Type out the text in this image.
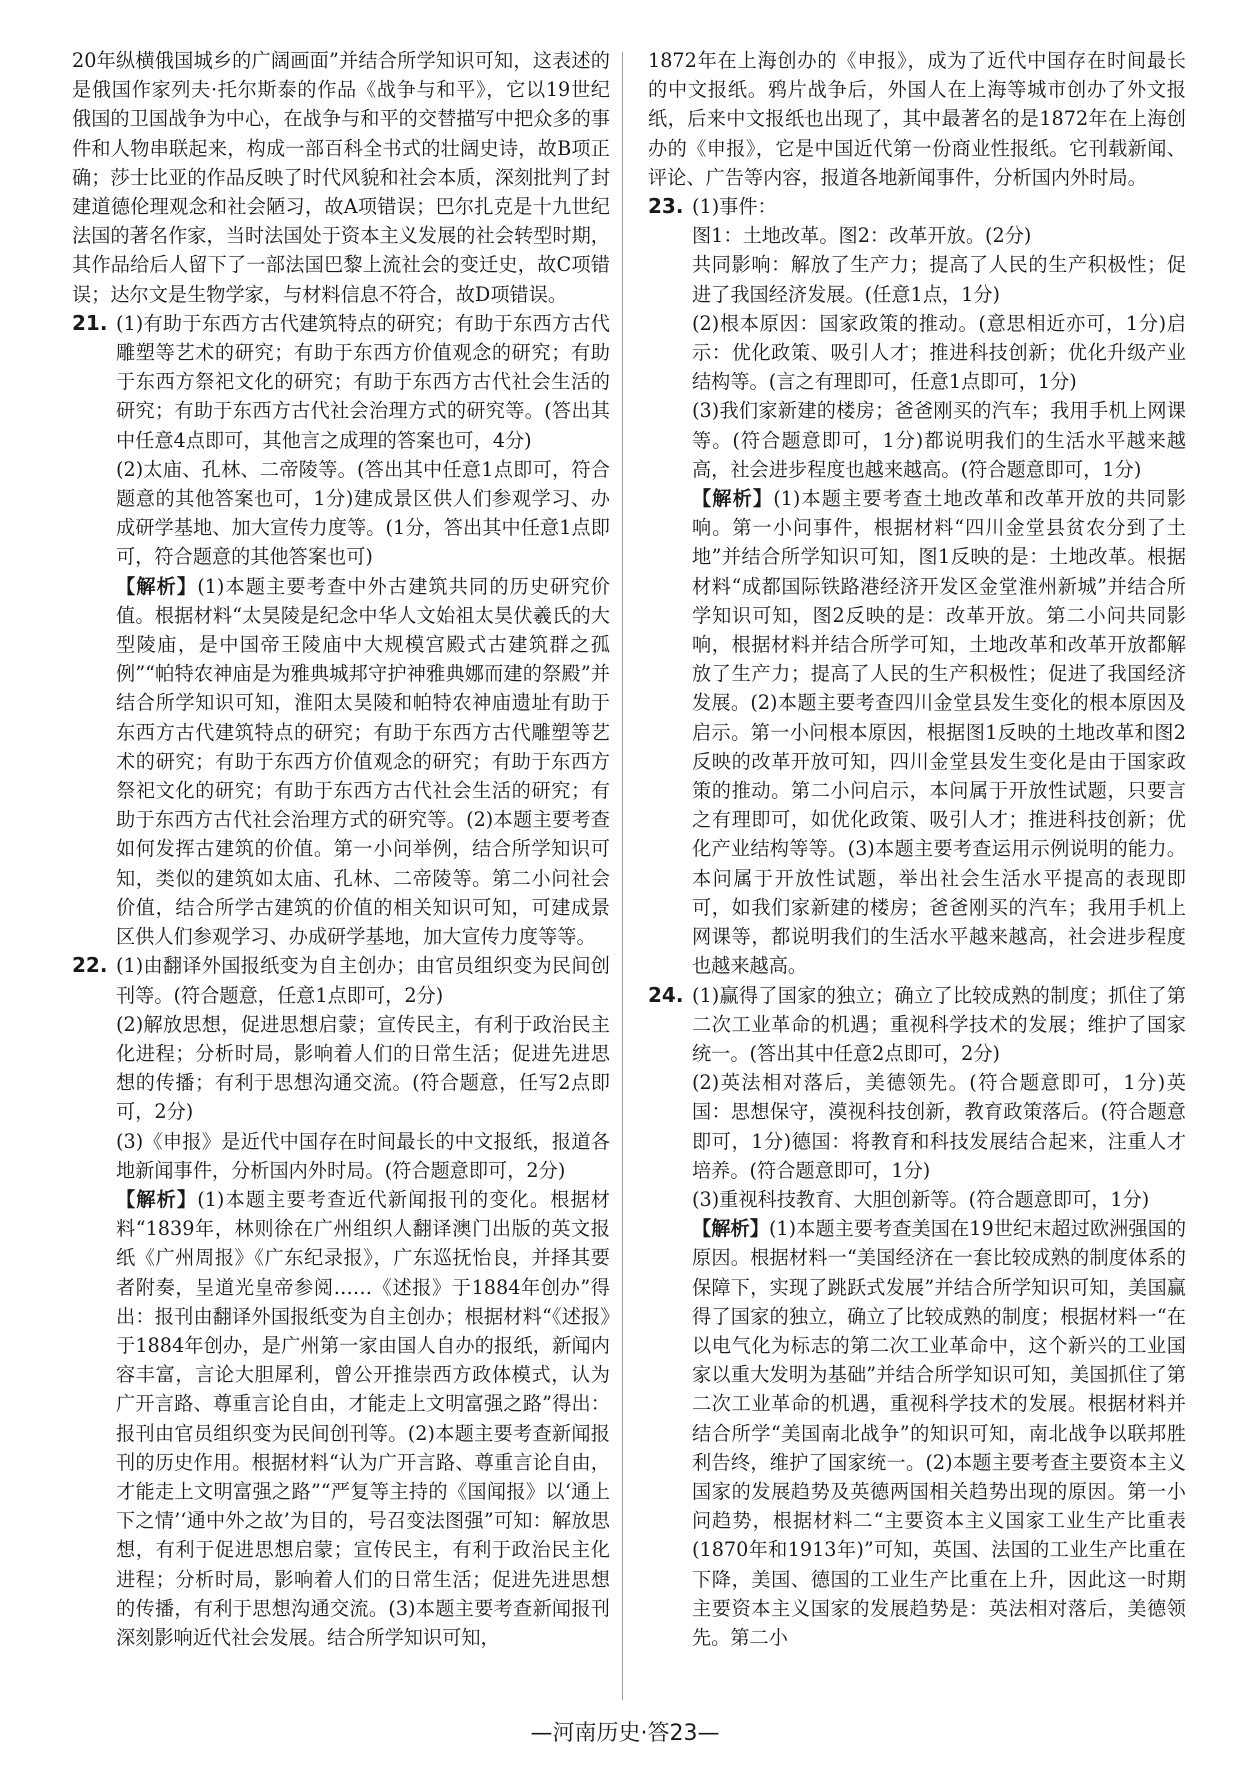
20年纵横俄国城乡的广阔画面”并结合所学知识可知，这表述的是俄国作家列夫·托尔斯泰的作品《战争与和平》，它以19世纪俄国的卫国战争为中心，在战争与和平的交替描写中把众多的事件和人物串联起来，构成一部百科全书式的壮阔史诗，故B项正确；莎士比亚的作品反映了时代风貌和社会本质，深刻批判了封建道德伦理观念和社会陋习，故A项错误；巴尔扎克是十九世纪法国的著名作家，当时法国处于资本主义发展的社会转型时期，其作品给后人留下了一部法国巴黎上流社会的变迁史，故C项错误；达尔文是生物学家，与材料信息不符合，故D项错误。

21. (1)有助于东西方古代建筑特点的研究；有助于东西方古代雕塑等艺术的研究；有助于东西方价值观念的研究；有助于东西方祭祀文化的研究；有助于东西方古代社会生活的研究；有助于东西方古代社会治理方式的研究等。(答出其中任意4点即可，其他言之成理的答案也可，4分)

(2)太庙、孔林、二帝陵等。(答出其中任意1点即可，符合题意的其他答案也可，1分)建成景区供人们参观学习、办成研学基地、加大宣传力度等。(1分，答出其中任意1点即可，符合题意的其他答案也可)

【解析】(1)本题主要考查中外古建筑共同的历史研究价值。根据材料“太昊陵是纪念中华人文始祖太昊伏羲氏的大型陵庙，是中国帝王陵庙中大规模宫殿式古建筑群之孤例”“帕特农神庙是为雅典城邦守护神雅典娜而建的祭殿”并结合所学知识可知，淮阳太昊陵和帕特农神庙遗址有助于东西方古代建筑特点的研究；有助于东西方古代雕塑等艺术的研究；有助于东西方价值观念的研究；有助于东西方祭祀文化的研究；有助于东西方古代社会生活的研究；有助于东西方古代社会治理方式的研究等。(2)本题主要考查如何发挥古建筑的价值。第一小问举例，结合所学知识可知，类似的建筑如太庙、孔林、二帝陵等。第二小问社会价值，结合所学古建筑的价值的相关知识可知，可建成景区供人们参观学习、办成研学基地，加大宣传力度等等。

22. (1)由翻译外国报纸变为自主创办；由官员组织变为民间创刊等。(符合题意，任意1点即可，2分)

(2)解放思想，促进思想启蒙；宣传民主，有利于政治民主化进程；分析时局，影响着人们的日常生活；促进先进思想的传播；有利于思想沟通交流。(符合题意，任写2点即可，2分)

(3)《申报》是近代中国存在时间最长的中文报纸，报道各地新闻事件，分析国内外时局。(符合题意即可，2分)

【解析】(1)本题主要考查近代新闻报刊的变化。根据材料“1839年，林则徐在广州组织人翻译澳门出版的英文报纸《广州周报》《广东纪录报》，广东巡抚怡良，并择其要者附奏，呈道光皇帝参阅……《述报》于1884年创办”得出：报刊由翻译外国报纸变为自主创办；根据材料“《述报》于1884年创办，是广州第一家由国人自办的报纸，新闻内容丰富，言论大胆犀利，曾公开推崇西方政体模式，认为广开言路、尊重言论自由，才能走上文明富强之路”得出：报刊由官员组织变为民间创刊等。(2)本题主要考查新闻报刊的历史作用。根据材料“认为广开言路、尊重言论自由，才能走上文明富强之路”“严复等主持的《国闻报》以‘通上下之情’‘通中外之故’为目的，号召变法图强”可知：解放思想，有利于促进思想启蒙；宣传民主，有利于政治民主化进程；分析时局，影响着人们的日常生活；促进先进思想的传播，有利于思想沟通交流。(3)本题主要考查新闻报刊深刻影响近代社会发展。结合所学知识可知，

1872年在上海创办的《申报》，成为了近代中国存在时间最长的中文报纸。鸦片战争后，外国人在上海等城市创办了外文报纸，后来中文报纸也出现了，其中最著名的是1872年在上海创办的《申报》，它是中国近代第一份商业性报纸。它刊载新闻、评论、广告等内容，报道各地新闻事件，分析国内外时局。

23. (1)事件：

图1：土地改革。图2：改革开放。(2分)

共同影响：解放了生产力；提高了人民的生产积极性；促进了我国经济发展。(任意1点，1分)

(2)根本原因：国家政策的推动。(意思相近亦可，1分)启示：优化政策、吸引人才；推进科技创新；优化升级产业结构等。(言之有理即可，任意1点即可，1分)

(3)我们家新建的楼房；爸爸刚买的汽车；我用手机上网课等。(符合题意即可，1分)都说明我们的生活水平越来越高，社会进步程度也越来越高。(符合题意即可，1分)

【解析】(1)本题主要考查土地改革和改革开放的共同影响。第一小问事件，根据材料“四川金堂县贫农分到了土地”并结合所学知识可知，图1反映的是：土地改革。根据材料“成都国际铁路港经济开发区金堂淮州新城”并结合所学知识可知，图2反映的是：改革开放。第二小问共同影响，根据材料并结合所学可知，土地改革和改革开放都解放了生产力；提高了人民的生产积极性；促进了我国经济发展。(2)本题主要考查四川金堂县发生变化的根本原因及启示。第一小问根本原因，根据图1反映的土地改革和图2反映的改革开放可知，四川金堂县发生变化是由于国家政策的推动。第二小问启示，本问属于开放性试题，只要言之有理即可，如优化政策、吸引人才；推进科技创新；优化产业结构等等。(3)本题主要考查运用示例说明的能力。本问属于开放性试题，举出社会生活水平提高的表现即可，如我们家新建的楼房；爸爸刚买的汽车；我用手机上网课等，都说明我们的生活水平越来越高，社会进步程度也越来越高。

24. (1)赢得了国家的独立；确立了比较成熟的制度；抓住了第二次工业革命的机遇；重视科学技术的发展；维护了国家统一。(答出其中任意2点即可，2分)

(2)英法相对落后，美德领先。(符合题意即可，1分)英国：思想保守，漠视科技创新，教育政策落后。(符合题意即可，1分)德国：将教育和科技发展结合起来，注重人才培养。(符合题意即可，1分)

(3)重视科技教育、大胆创新等。(符合题意即可，1分)

【解析】(1)本题主要考查美国在19世纪末超过欧洲强国的原因。根据材料一“美国经济在一套比较成熟的制度体系的保障下，实现了跳跃式发展”并结合所学知识可知，美国赢得了国家的独立，确立了比较成熟的制度；根据材料一“在以电气化为标志的第二次工业革命中，这个新兴的工业国家以重大发明为基础”并结合所学知识可知，美国抓住了第二次工业革命的机遇，重视科学技术的发展。根据材料并结合所学“美国南北战争”的知识可知，南北战争以联邦胜利告终，维护了国家统一。(2)本题主要考查主要资本主义国家的发展趋势及英德两国相关趋势出现的原因。第一小问趋势，根据材料二“主要资本主义国家工业生产比重表(1870年和1913年)”可知，英国、法国的工业生产比重在下降，美国、德国的工业生产比重在上升，因此这一时期主要资本主义国家的发展趋势是：英法相对落后，美德领先。第二小

—河南历史·答23—
